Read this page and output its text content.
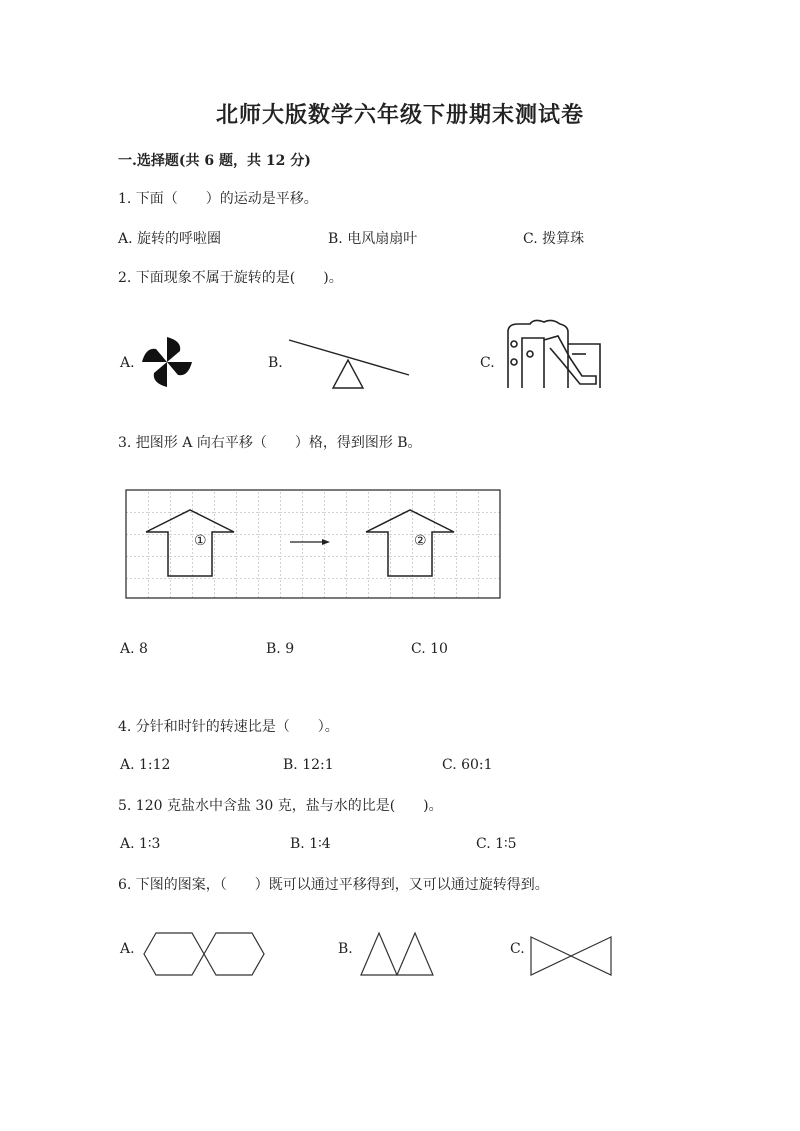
北师大版数学六年级下册期末测试卷
一.选择题(共 6 题，共 12 分)
1. 下面（　　）的运动是平移。
A. 旋转的呼啦圈	B. 电风扇扇叶	C. 拨算珠
2. 下面现象不属于旋转的是(　　)。
A.	B.	C.
3. 把图形 A 向右平移（　　）格，得到图形 B。
①	②
A. 8	B. 9	C. 10
4. 分针和时针的转速比是（　　）。
A. 1:12	B. 12:1	C. 60:1
5. 120 克盐水中含盐 30 克，盐与水的比是(　　)。
A. 1∶3	B. 1∶4	C. 1∶5
6. 下图的图案，（　　）既可以通过平移得到，又可以通过旋转得到。
A.	B.	C.
